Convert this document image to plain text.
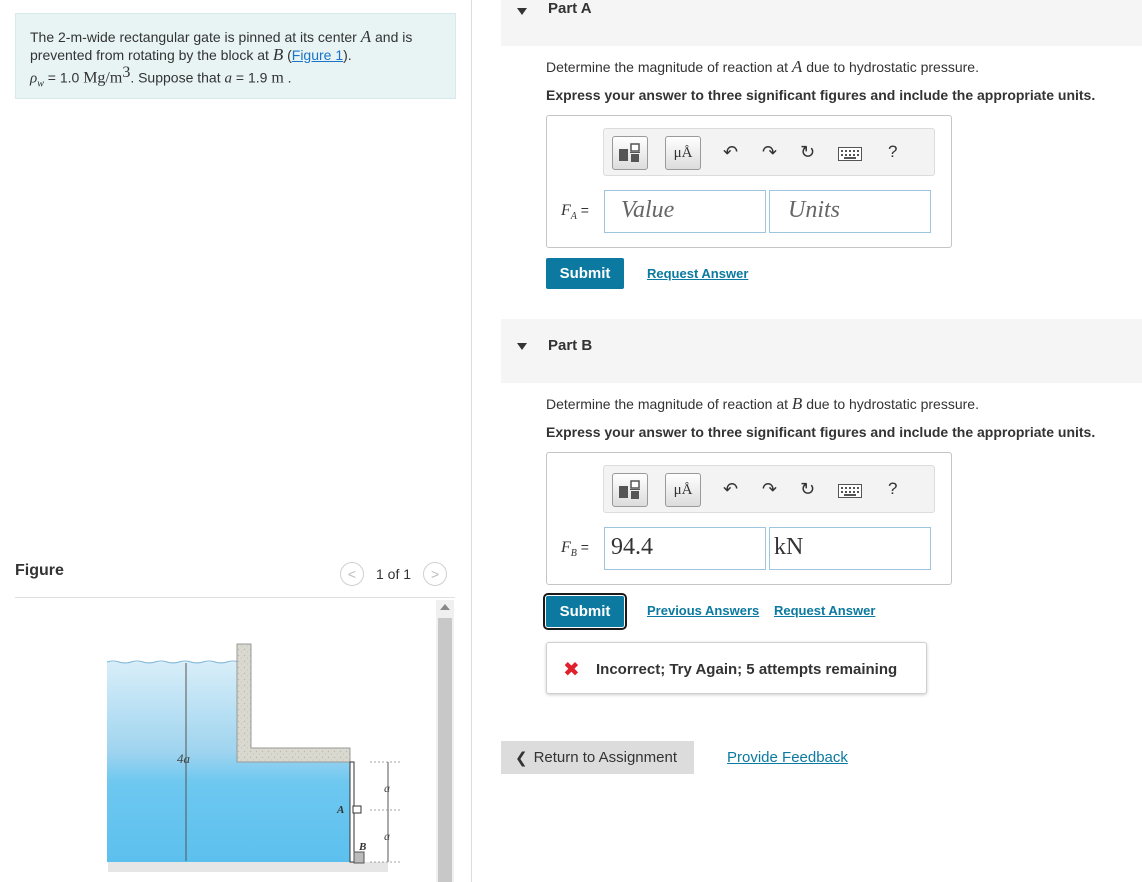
The 2-m-wide rectangular gate is pinned at its center A and is prevented from rotating by the block at B (Figure 1).
$\rho_w = 1.0$ $Mg/m^3$. Suppose that a = 1.9 m .
Figure	< 1 of 1 >
4a
a
a
A
B
Part A
Determine the magnitude of reaction at A due to hydrostatic pressure.
Express your answer to three significant figures and include the appropriate units.
μÅ ↶ ↷ ↻	?
$F_A$ =	Value	Units
Submit	Request Answer
Part B
Determine the magnitude of reaction at B due to hydrostatic pressure.
Express your answer to three significant figures and include the appropriate units.
μÅ ↶ ↷ ↻	?
$F_B = 94.4$	kN
Submit	Previous Answers Request Answer
✖ Incorrect; Try Again; 5 attempts remaining
❮ Return to Assignment	Provide Feedback
